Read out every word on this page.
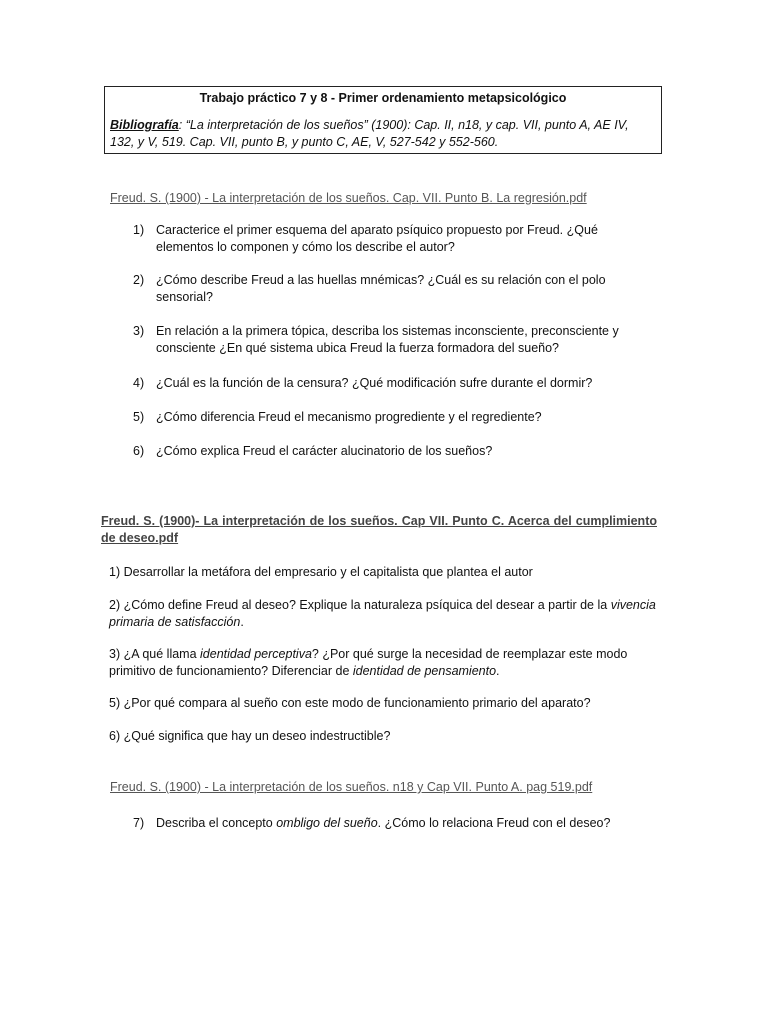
Trabajo práctico 7 y 8 - Primer ordenamiento metapsicológico
Bibliografía: “La interpretación de los sueños” (1900): Cap. II, n18, y cap. VII, punto A, AE IV, 132, y V, 519. Cap. VII, punto B, y punto C, AE, V, 527-542 y 552-560.
Freud. S. (1900) - La interpretación de los sueños. Cap. VII. Punto B. La regresión.pdf
1) Caracterice el primer esquema del aparato psíquico propuesto por Freud. ¿Qué elementos lo componen y cómo los describe el autor?
2) ¿Cómo describe Freud a las huellas mnémicas? ¿Cuál es su relación con el polo sensorial?
3) En relación a la primera tópica, describa los sistemas inconsciente, preconsciente y consciente ¿En qué sistema ubica Freud la fuerza formadora del sueño?
4) ¿Cuál es la función de la censura? ¿Qué modificación sufre durante el dormir?
5) ¿Cómo diferencia Freud el mecanismo progrediente y el regrediente?
6) ¿Cómo explica Freud el carácter alucinatorio de los sueños?
Freud. S. (1900)- La interpretación de los sueños. Cap VII. Punto C. Acerca del cumplimiento de deseo.pdf
1) Desarrollar la metáfora del empresario y el capitalista que plantea el autor
2) ¿Cómo define Freud al deseo? Explique la naturaleza psíquica del desear a partir de la vivencia primaria de satisfacción.
3) ¿A qué llama identidad perceptiva? ¿Por qué surge la necesidad de reemplazar este modo primitivo de funcionamiento? Diferenciar de identidad de pensamiento.
5) ¿Por qué compara al sueño con este modo de funcionamiento primario del aparato?
6) ¿Qué significa que hay un deseo indestructible?
Freud. S. (1900) - La interpretación de los sueños. n18 y Cap VII. Punto A. pag 519.pdf
7) Describa el concepto ombligo del sueño. ¿Cómo lo relaciona Freud con el deseo?
